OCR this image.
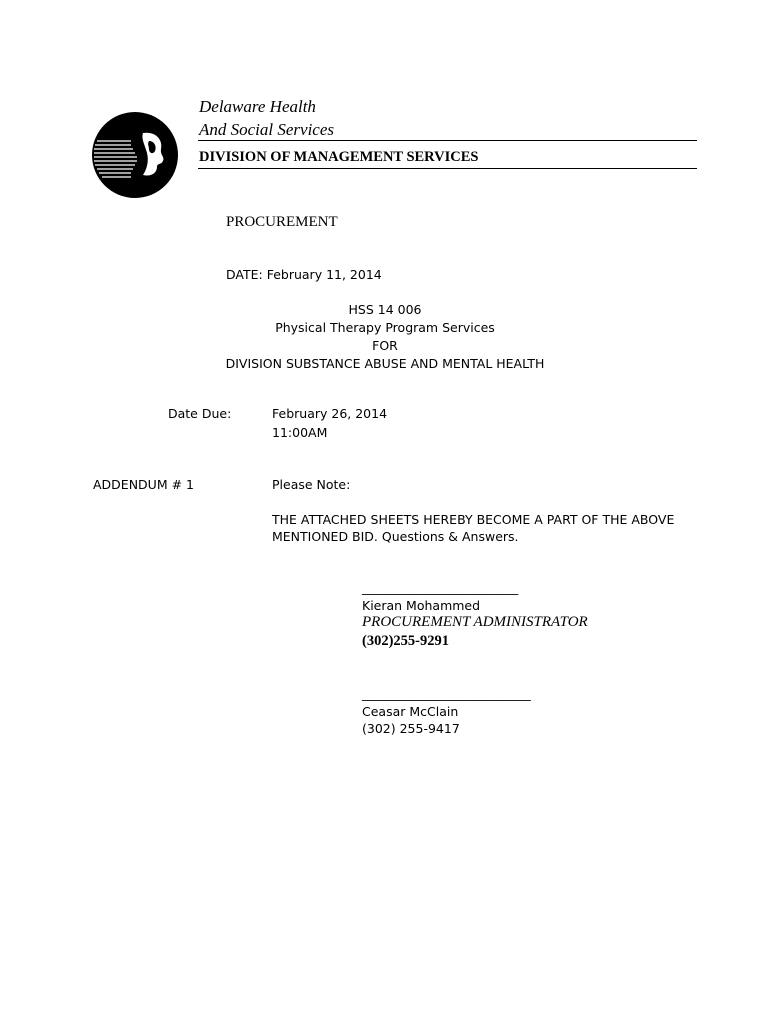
Delaware Health
And Social Services
DIVISION OF MANAGEMENT SERVICES
PROCUREMENT
DATE: February 11, 2014
HSS 14 006
Physical Therapy Program Services
FOR
DIVISION SUBSTANCE ABUSE AND MENTAL HEALTH
Date Due:	February 26, 2014
11:00AM
ADDENDUM # 1	Please Note:
THE ATTACHED SHEETS HEREBY BECOME A PART OF THE ABOVE
MENTIONED BID. Questions & Answers.
_________________________
Kieran Mohammed
PROCUREMENT ADMINISTRATOR
(302)255-9291
___________________________
Ceasar McClain
(302) 255-9417
